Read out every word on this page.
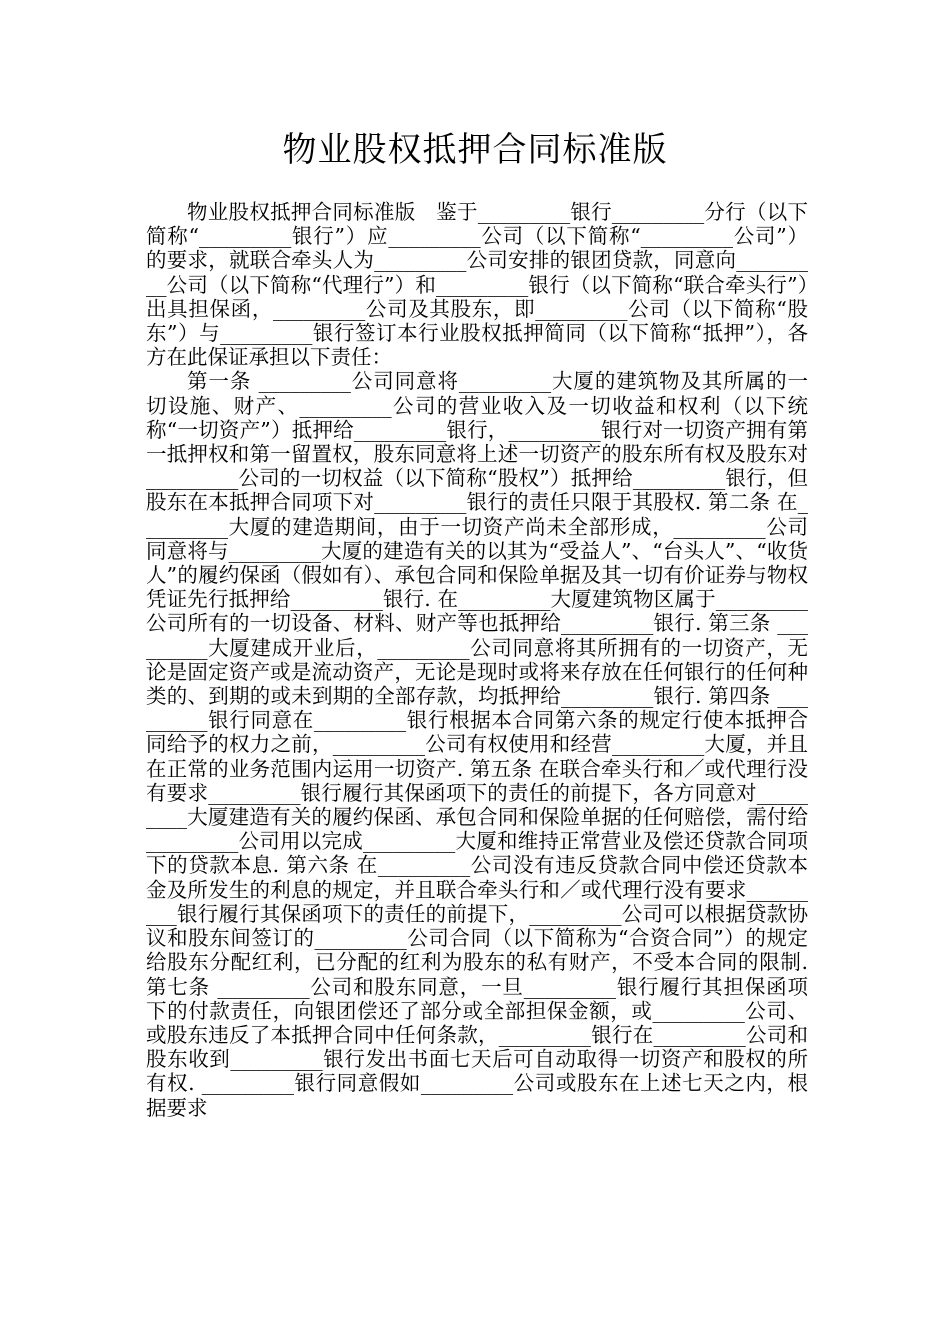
物业股权抵押合同标准版

物业股权抵押合同标准版　鉴于_________银行_________分行（以下简称“_________银行”）应_________公司（以下简称“_________公司”）的要求，就联合牵头人为_________公司安排的银团贷款，同意向_________公司（以下简称“代理行”）和_________银行（以下简称“联合牵头行”）出具担保函，_________公司及其股东，即_________公司（以下简称“股东”）与_________银行签订本行业股权抵押简同（以下简称“抵押”），各方在此保证承担以下责任：

第一条 _________公司同意将_________大厦的建筑物及其所属的一切设施、财产、_________公司的营业收入及一切收益和权利（以下统称“一切资产”）抵押给_________银行，_________银行对一切资产拥有第一抵押权和第一留置权，股东同意将上述一切资产的股东所有权及股东对_________公司的一切权益（以下简称“股权”）抵押给_________银行，但股东在本抵押合同项下对_________银行的责任只限于其股权. 第二条 在_________大厦的建造期间，由于一切资产尚未全部形成，_________公司同意将与_________大厦的建造有关的以其为“受益人”、“台头人”、“收货人”的履约保函（假如有）、承包合同和保险单据及其一切有价证券与物权凭证先行抵押给_________银行. 在_________大厦建筑物区属于_________公司所有的一切设备、材料、财产等也抵押给_________银行. 第三条 _________大厦建成开业后，_________公司同意将其所拥有的一切资产，无论是固定资产或是流动资产，无论是现时或将来存放在任何银行的任何种类的、到期的或未到期的全部存款，均抵押给_________银行. 第四条 _________银行同意在_________银行根据本合同第六条的规定行使本抵押合同给予的权力之前，_________公司有权使用和经营_________大厦，并且在正常的业务范围内运用一切资产. 第五条 在联合牵头行和／或代理行没有要求_________银行履行其保函项下的责任的前提下，各方同意对_________大厦建造有关的履约保函、承包合同和保险单据的任何赔偿，需付给_________公司用以完成_________大厦和维持正常营业及偿还贷款合同项下的贷款本息. 第六条 在_________公司没有违反贷款合同中偿还贷款本金及所发生的利息的规定，并且联合牵头行和／或代理行没有要求_________银行履行其保函项下的责任的前提下，_________公司可以根据贷款协议和股东间签订的_________公司合同（以下简称为“合资合同”）的规定给股东分配红利，已分配的红利为股东的私有财产，不受本合同的限制. 第七条 _________公司和股东同意，一旦_________银行履行其担保函项下的付款责任，向银团偿还了部分或全部担保金额，或_________公司、或股东违反了本抵押合同中任何条款，_________银行在_________公司和股东收到_________银行发出书面七天后可自动取得一切资产和股权的所有权. _________银行同意假如_________公司或股东在上述七天之内，根据要求
